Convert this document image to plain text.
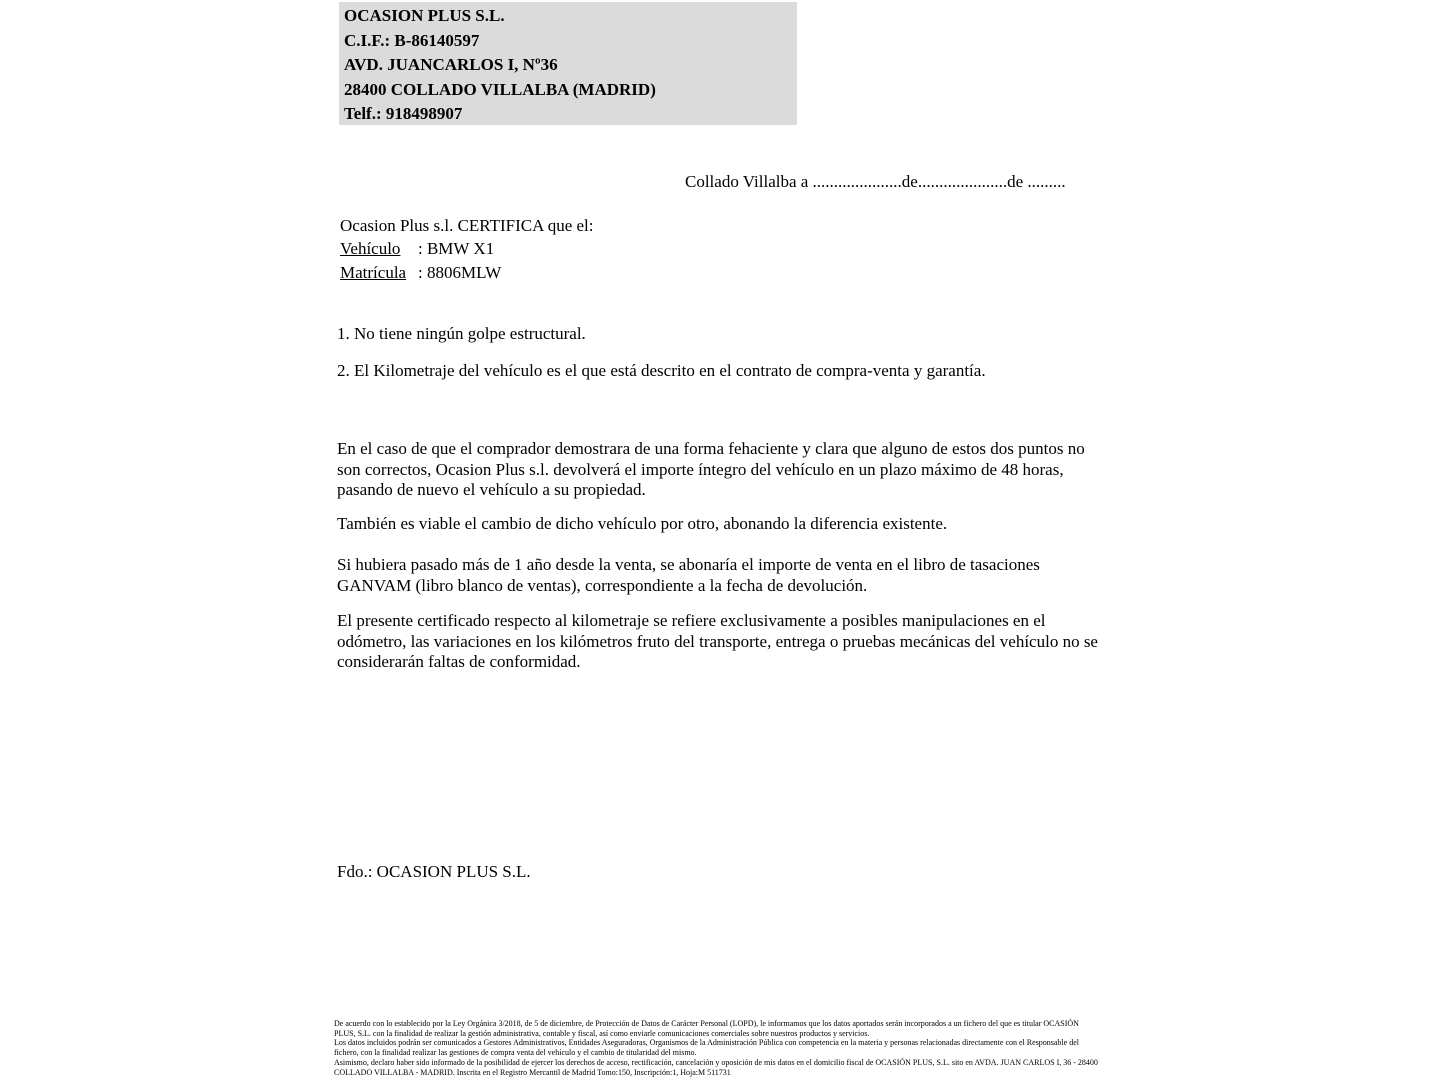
OCASION PLUS S.L.
C.I.F.: B-86140597
AVD. JUANCARLOS I, Nº36
28400 COLLADO VILLALBA (MADRID)
Telf.: 918498907
Collado Villalba a .....................de.....................de .........
Ocasion Plus s.l. CERTIFICA que el:
Vehículo : BMW X1
Matrícula : 8806MLW

1. No tiene ningún golpe estructural.

2. El Kilometraje del vehículo es el que está descrito en el contrato de compra-venta y garantía.

En el caso de que el comprador demostrara de una forma fehaciente y clara que alguno de estos dos puntos no son correctos, Ocasion Plus s.l. devolverá el importe íntegro del vehículo en un plazo máximo de 48 horas, pasando de nuevo el vehículo a su propiedad.

También es viable el cambio de dicho vehículo por otro, abonando la diferencia existente.

Si hubiera pasado más de 1 año desde la venta, se abonaría el importe de venta en el libro de tasaciones GANVAM (libro blanco de ventas), correspondiente a la fecha de devolución.

El presente certificado respecto al kilometraje se refiere exclusivamente a posibles manipulaciones en el odómetro, las variaciones en los kilómetros fruto del transporte, entrega o pruebas mecánicas del vehículo no se considerarán faltas de conformidad.

Fdo.: OCASION PLUS S.L.

De acuerdo con lo establecido por la Ley Orgánica 3/2018, de 5 de diciembre, de Protección de Datos de Carácter Personal (LOPD), le informamos que los datos aportados serán incorporados a un fichero del que es titular OCASIÓN PLUS, S.L. con la finalidad de realizar la gestión administrativa, contable y fiscal, así como enviarle comunicaciones comerciales sobre nuestros productos y servicios.

Los datos incluidos podrán ser comunicados a Gestores Administrativos, Entidades Aseguradoras, Organismos de la Administración Pública con competencia en la materia y personas relacionadas directamente con el Responsable del fichero, con la finalidad realizar las gestiones de compra venta del vehículo y el cambio de titularidad del mismo.

Asimismo, declaro haber sido informado de la posibilidad de ejercer los derechos de acceso, rectificación, cancelación y oposición de mis datos en el domicilio fiscal de OCASIÓN PLUS, S.L. sito en AVDA. JUAN CARLOS I, 36 - 28400 COLLADO VILLALBA - MADRID. Inscrita en el Registro Mercantil de Madrid Tomo:150, Inscripción:1, Hoja:M 511731
